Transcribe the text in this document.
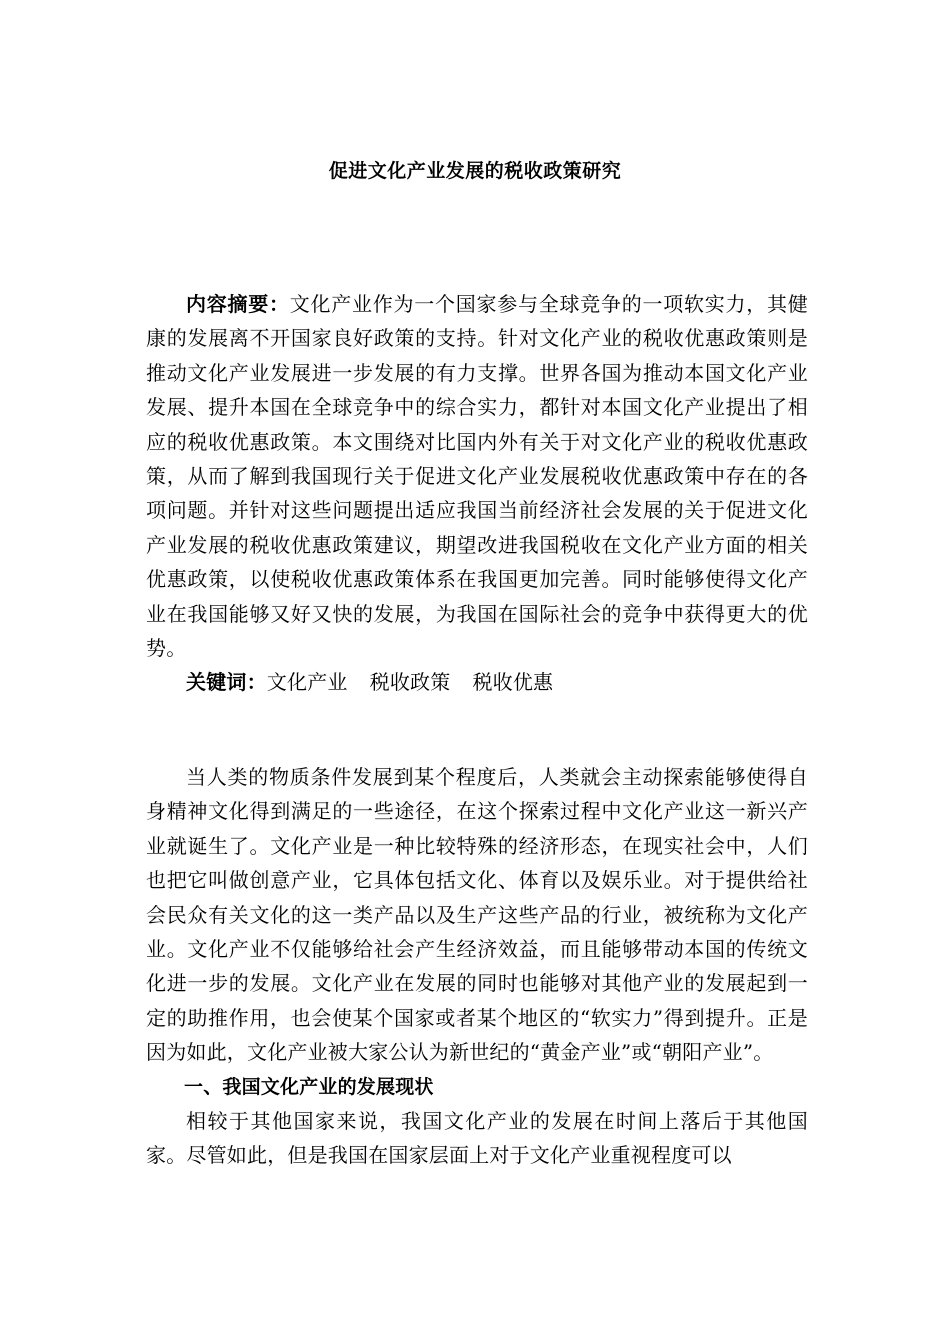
促进文化产业发展的税收政策研究

内容摘要：文化产业作为一个国家参与全球竞争的一项软实力，其健康的发展离不开国家良好政策的支持。针对文化产业的税收优惠政策则是推动文化产业发展进一步发展的有力支撑。世界各国为推动本国文化产业发展、提升本国在全球竞争中的综合实力，都针对本国文化产业提出了相应的税收优惠政策。本文围绕对比国内外有关于对文化产业的税收优惠政策，从而了解到我国现行关于促进文化产业发展税收优惠政策中存在的各项问题。并针对这些问题提出适应我国当前经济社会发展的关于促进文化产业发展的税收优惠政策建议，期望改进我国税收在文化产业方面的相关优惠政策，以使税收优惠政策体系在我国更加完善。同时能够使得文化产业在我国能够又好又快的发展，为我国在国际社会的竞争中获得更大的优势。

关键词：文化产业 税收政策 税收优惠

当人类的物质条件发展到某个程度后，人类就会主动探索能够使得自身精神文化得到满足的一些途径，在这个探索过程中文化产业这一新兴产业就诞生了。文化产业是一种比较特殊的经济形态，在现实社会中，人们也把它叫做创意产业，它具体包括文化、体育以及娱乐业。对于提供给社会民众有关文化的这一类产品以及生产这些产品的行业，被统称为文化产业。文化产业不仅能够给社会产生经济效益，而且能够带动本国的传统文化进一步的发展。文化产业在发展的同时也能够对其他产业的发展起到一定的助推作用，也会使某个国家或者某个地区的“软实力”得到提升。正是因为如此，文化产业被大家公认为新世纪的“黄金产业”或“朝阳产业”。

一、我国文化产业的发展现状

相较于其他国家来说，我国文化产业的发展在时间上落后于其他国家。尽管如此，但是我国在国家层面上对于文化产业重视程度可以
